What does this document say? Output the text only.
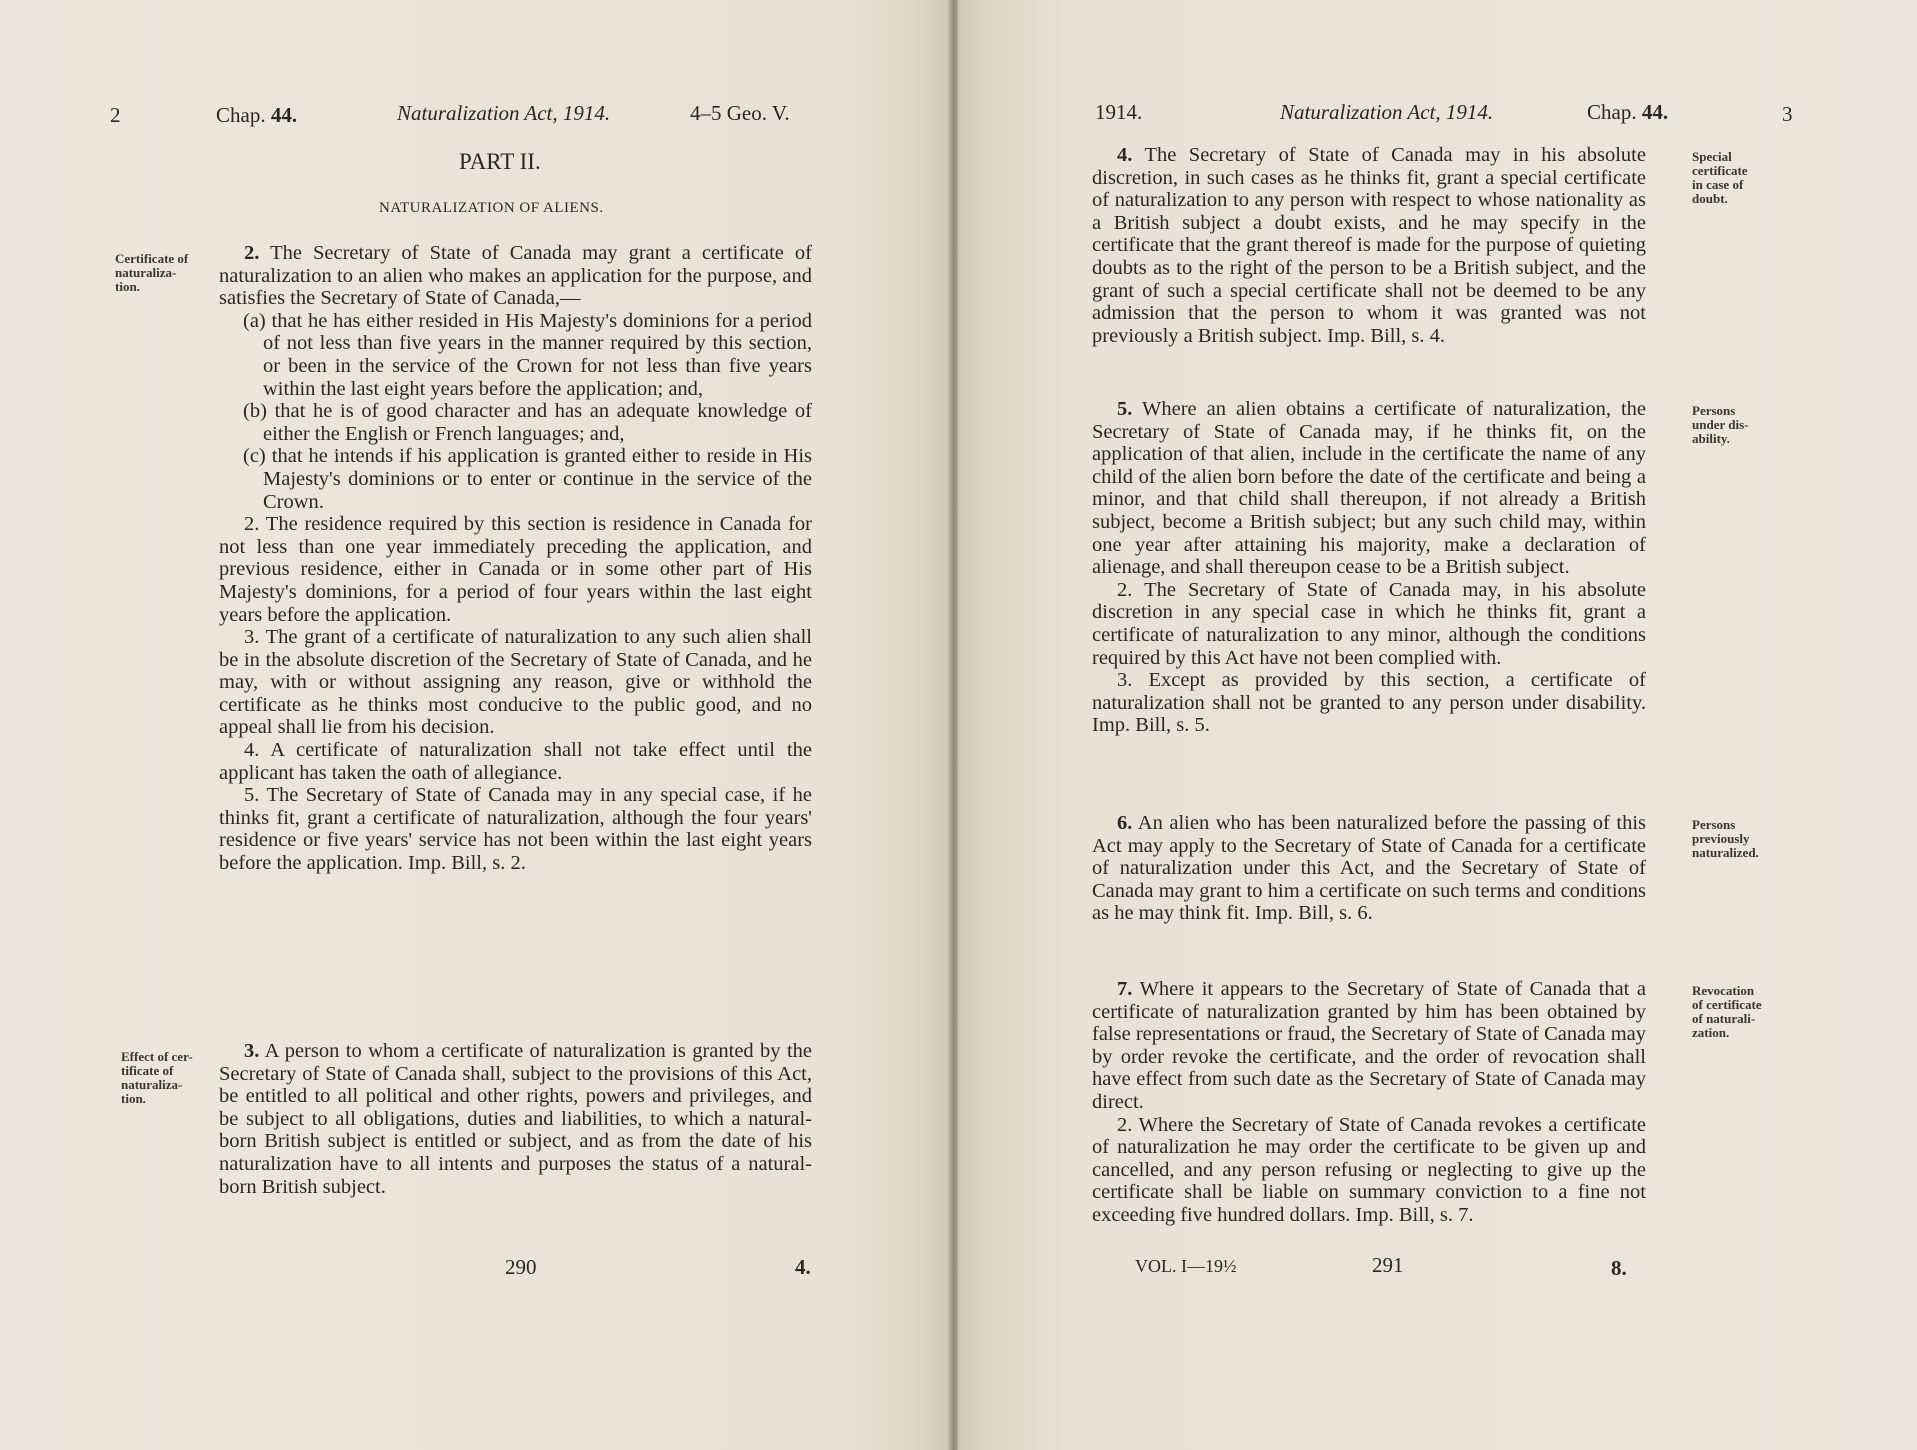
2	Chap. 44.	Naturalization Act, 1914.	4–5 Geo. V.
PART II.
NATURALIZATION OF ALIENS.
Certificate of
naturaliza-
tion.

2. The Secretary of State of Canada may grant a certificate of naturalization to an alien who makes an application for the purpose, and satisfies the Secretary of State of Canada,—

(a) that he has either resided in His Majesty's dominions for a period of not less than five years in the manner required by this section, or been in the service of the Crown for not less than five years within the last eight years before the application; and,

(b) that he is of good character and has an adequate knowledge of either the English or French languages; and,

(c) that he intends if his application is granted either to reside in His Majesty's dominions or to enter or continue in the service of the Crown.

2. The residence required by this section is residence in Canada for not less than one year immediately preceding the application, and previous residence, either in Canada or in some other part of His Majesty's dominions, for a period of four years within the last eight years before the application.

3. The grant of a certificate of naturalization to any such alien shall be in the absolute discretion of the Secretary of State of Canada, and he may, with or without assigning any reason, give or withhold the certificate as he thinks most conducive to the public good, and no appeal shall lie from his decision.

4. A certificate of naturalization shall not take effect until the applicant has taken the oath of allegiance.

5. The Secretary of State of Canada may in any special case, if he thinks fit, grant a certificate of naturalization, although the four years' residence or five years' service has not been within the last eight years before the application. Imp. Bill, s. 2.

Effect of cer-
tificate of
naturaliza-
tion.

3. A person to whom a certificate of naturalization is granted by the Secretary of State of Canada shall, subject to the provisions of this Act, be entitled to all political and other rights, powers and privileges, and be subject to all obligations, duties and liabilities, to which a natural-born British subject is entitled or subject, and as from the date of his naturalization have to all intents and purposes the status of a natural-born British subject.

290	4.
1914.	Naturalization Act, 1914.	Chap. 44.	3

4. The Secretary of State of Canada may in his absolute discretion, in such cases as he thinks fit, grant a special certificate of naturalization to any person with respect to whose nationality as a British subject a doubt exists, and he may specify in the certificate that the grant thereof is made for the purpose of quieting doubts as to the right of the person to be a British subject, and the grant of such a special certificate shall not be deemed to be any admission that the person to whom it was granted was not previously a British subject. Imp. Bill, s. 4.

Special
certificate
in case of
doubt.

5. Where an alien obtains a certificate of naturalization, the Secretary of State of Canada may, if he thinks fit, on the application of that alien, include in the certificate the name of any child of the alien born before the date of the certificate and being a minor, and that child shall thereupon, if not already a British subject, become a British subject; but any such child may, within one year after attaining his majority, make a declaration of alienage, and shall thereupon cease to be a British subject.

2. The Secretary of State of Canada may, in his absolute discretion in any special case in which he thinks fit, grant a certificate of naturalization to any minor, although the conditions required by this Act have not been complied with.

3. Except as provided by this section, a certificate of naturalization shall not be granted to any person under disability. Imp. Bill, s. 5.

Persons
under dis-
ability.

6. An alien who has been naturalized before the passing of this Act may apply to the Secretary of State of Canada for a certificate of naturalization under this Act, and the Secretary of State of Canada may grant to him a certificate on such terms and conditions as he may think fit. Imp. Bill, s. 6.

Persons
previously
naturalized.

7. Where it appears to the Secretary of State of Canada that a certificate of naturalization granted by him has been obtained by false representations or fraud, the Secretary of State of Canada may by order revoke the certificate, and the order of revocation shall have effect from such date as the Secretary of State of Canada may direct.

2. Where the Secretary of State of Canada revokes a certificate of naturalization he may order the certificate to be given up and cancelled, and any person refusing or neglecting to give up the certificate shall be liable on summary conviction to a fine not exceeding five hundred dollars. Imp. Bill, s. 7.

Revocation
of certificate
of naturali-
zation.
VOL. I—19½	291	8.
